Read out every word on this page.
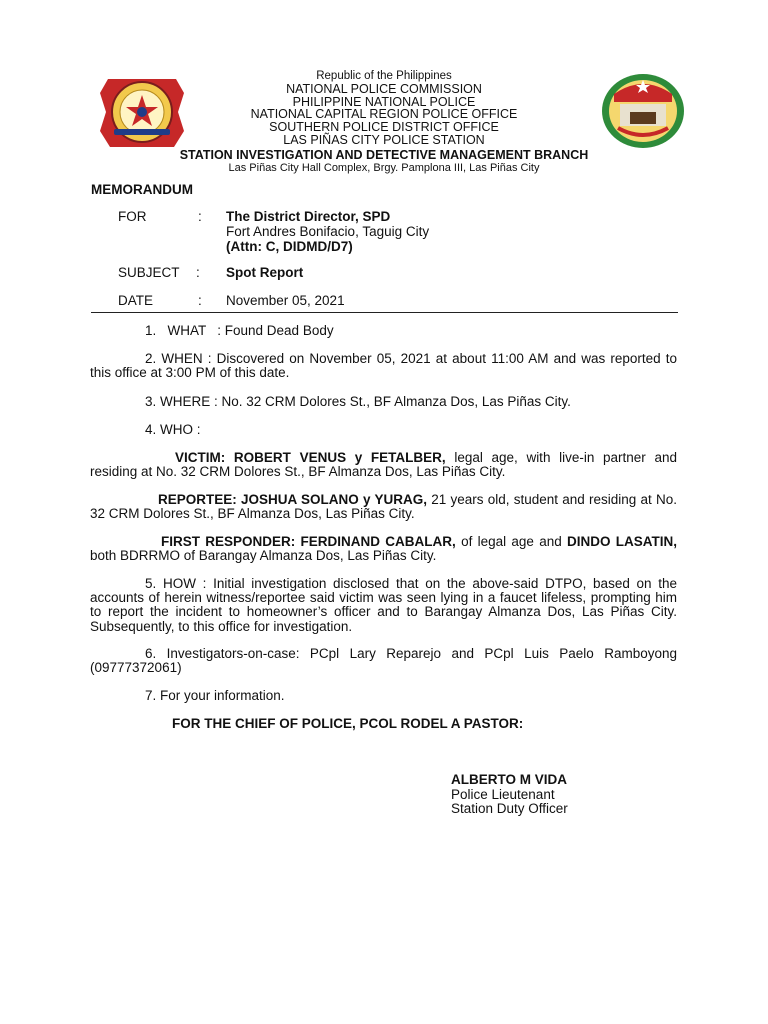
Republic of the Philippines
NATIONAL POLICE COMMISSION
PHILIPPINE NATIONAL POLICE
NATIONAL CAPITAL REGION POLICE OFFICE
SOUTHERN POLICE DISTRICT OFFICE
LAS PIÑAS CITY POLICE STATION
STATION INVESTIGATION AND DETECTIVE MANAGEMENT BRANCH
Las Piñas City Hall Complex, Brgy. Pamplona III, Las Piñas City
MEMORANDUM
FOR	: The District Director, SPD
Fort Andres Bonifacio, Taguig City
(Attn: C, DIDMD/D7)
SUBJECT : Spot Report
DATE	: November 05, 2021
1.   WHAT   : Found Dead Body
2. WHEN : Discovered on November 05, 2021 at about 11:00 AM and was reported to this office at 3:00 PM of this date.
3. WHERE : No. 32 CRM Dolores St., BF Almanza Dos, Las Piñas City.
4. WHO :
VICTIM: ROBERT VENUS y FETALBER, legal age, with live-in partner and residing at No. 32 CRM Dolores St., BF Almanza Dos, Las Piñas City.
REPORTEE: JOSHUA SOLANO y YURAG, 21 years old, student and residing at No. 32 CRM Dolores St., BF Almanza Dos, Las Piñas City.
FIRST RESPONDER: FERDINAND CABALAR, of legal age and DINDO LASATIN, both BDRRMO of Barangay Almanza Dos, Las Piñas City.
5. HOW : Initial investigation disclosed that on the above-said DTPO, based on the accounts of herein witness/reportee said victim was seen lying in a faucet lifeless, prompting him to report the incident to homeowner’s officer and to Barangay Almanza Dos, Las Piñas City. Subsequently, to this office for investigation.
6. Investigators-on-case: PCpl Lary Reparejo and PCpl Luis Paelo Ramboyong (09777372061)
7. For your information.
FOR THE CHIEF OF POLICE, PCOL RODEL A PASTOR:
ALBERTO M VIDA
Police Lieutenant
Station Duty Officer
